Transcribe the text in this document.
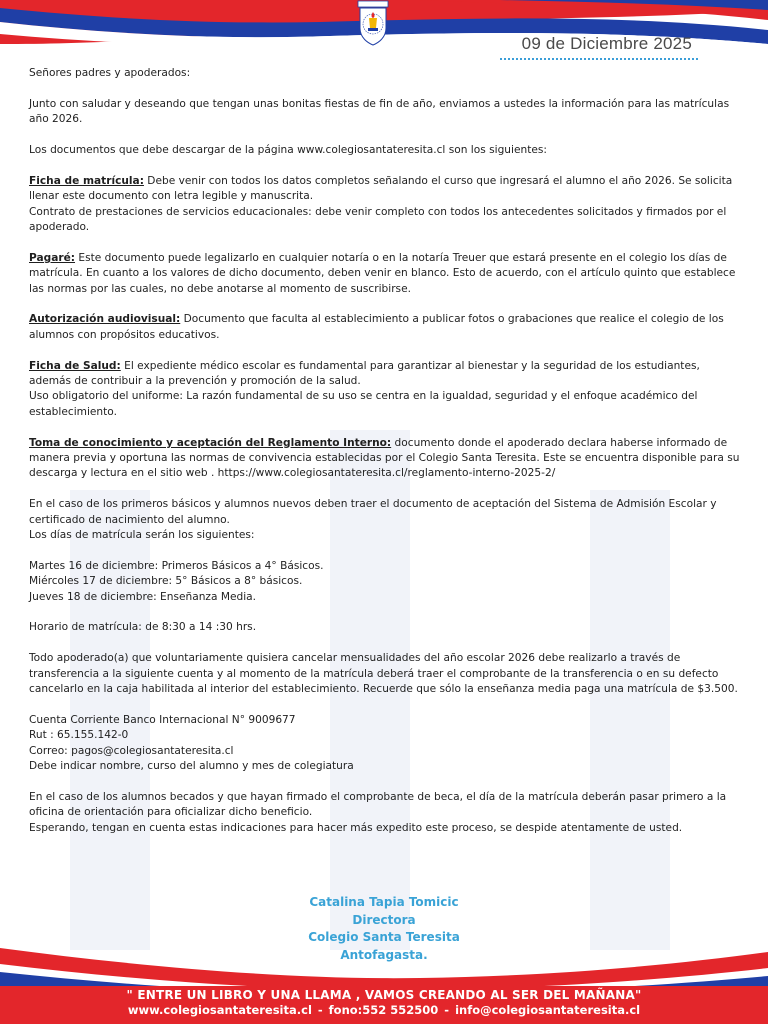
09 de Diciembre 2025

Señores padres y apoderados:

Junto con saludar y deseando que tengan unas bonitas fiestas de fin de año, enviamos a ustedes la información para las matrículas año 2026.

Los documentos que debe descargar de la página www.colegiosantateresita.cl son los siguientes:

Ficha de matrícula: Debe venir con todos los datos completos señalando el curso que ingresará el alumno el año 2026. Se solicita llenar este documento con letra legible y manuscrita.

Contrato de prestaciones de servicios educacionales: debe venir completo con todos los antecedentes solicitados y firmados por el apoderado.

Pagaré: Este documento puede legalizarlo en cualquier notaría o en la notaría Treuer que estará presente en el colegio los días de matrícula. En cuanto a los valores de dicho documento, deben venir en blanco. Esto de acuerdo, con el artículo quinto que establece las normas por las cuales, no debe anotarse al momento de suscribirse.

Autorización audiovisual: Documento que faculta al establecimiento a publicar fotos o grabaciones que realice el colegio de los alumnos con propósitos educativos.

Ficha de Salud: El expediente médico escolar es fundamental para garantizar al bienestar y la seguridad de los estudiantes, además de contribuir a la prevención y promoción de la salud.

Uso obligatorio del uniforme: La razón fundamental de su uso se centra en la igualdad, seguridad y el enfoque académico del establecimiento.

Toma de conocimiento y aceptación del Reglamento Interno: documento donde el apoderado declara haberse informado de manera previa y oportuna las normas de convivencia establecidas por el Colegio Santa Teresita. Este se encuentra disponible para su descarga y lectura en el sitio web . https://www.colegiosantateresita.cl/reglamento-interno-2025-2/

En el caso de los primeros básicos y alumnos nuevos deben traer el documento de aceptación del Sistema de Admisión Escolar y certificado de nacimiento del alumno.

Los días de matrícula serán los siguientes:

Martes 16 de diciembre: Primeros Básicos a 4° Básicos.

Miércoles 17 de diciembre: 5° Básicos a 8° básicos.

Jueves 18 de diciembre: Enseñanza Media.

Horario de matrícula: de 8:30 a 14 :30 hrs.

Todo apoderado(a) que voluntariamente quisiera cancelar mensualidades del año escolar 2026 debe realizarlo a través de transferencia a la siguiente cuenta y al momento de la matrícula deberá traer el comprobante de la transferencia o en su defecto cancelarlo en la caja habilitada al interior del establecimiento. Recuerde que sólo la enseñanza media paga una matrícula de $3.500.

Cuenta Corriente Banco Internacional N° 9009677

Rut : 65.155.142-0

Correo: pagos@colegiosantateresita.cl

Debe indicar nombre, curso del alumno y mes de colegiatura

En el caso de los alumnos becados y que hayan firmado el comprobante de beca, el día de la matrícula deberán pasar primero a la oficina de orientación para oficializar dicho beneficio.

Esperando, tengan en cuenta estas indicaciones para hacer más expedito este proceso, se despide atentamente de usted.

Catalina Tapia Tomicic
Directora
Colegio Santa Teresita
Antofagasta.
" ENTRE UN LIBRO Y UNA LLAMA , VAMOS CREANDO AL SER DEL MAÑANA"
www.colegiosantateresita.cl - fono:552 552500 - info@colegiosantateresita.cl
